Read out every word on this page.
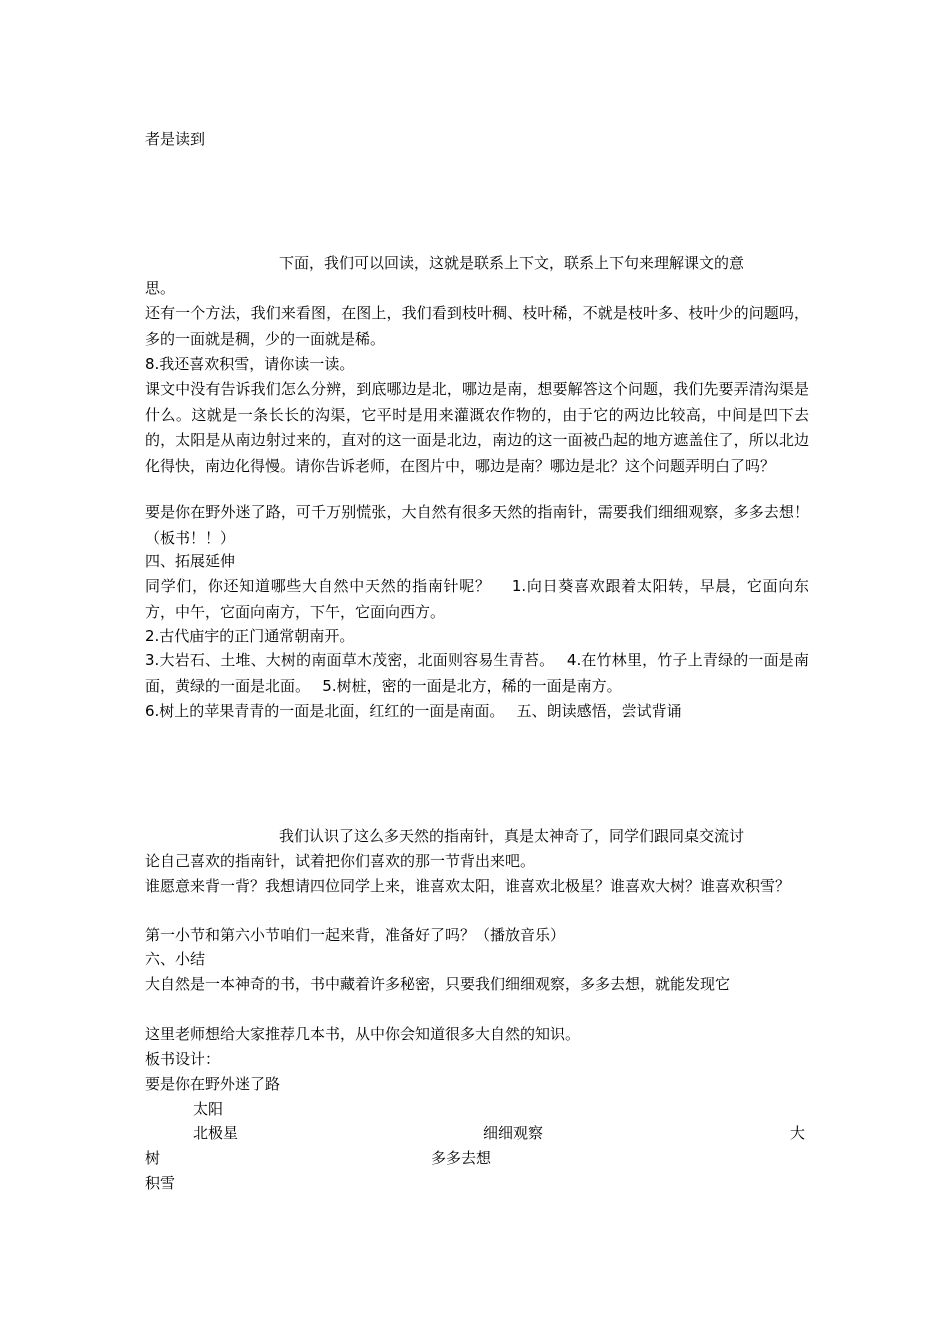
者是读到
下面，我们可以回读，这就是联系上下文，联系上下句来理解课文的意
思。
还有一个方法，我们来看图，在图上，我们看到枝叶稠、枝叶稀，不就是枝叶多、枝叶少的问题吗，多的一面就是稠，少的一面就是稀。
8.我还喜欢积雪，请你读一读。
课文中没有告诉我们怎么分辨，到底哪边是北，哪边是南，想要解答这个问题，我们先要弄清沟渠是什么。这就是一条长长的沟渠，它平时是用来灌溉农作物的，由于它的两边比较高，中间是凹下去的，太阳是从南边射过来的，直对的这一面是北边，南边的这一面被凸起的地方遮盖住了，所以北边化得快，南边化得慢。请你告诉老师，在图片中，哪边是南？哪边是北？这个问题弄明白了吗？
要是你在野外迷了路，可千万别慌张，大自然有很多天然的指南针，需要我们细细观察，多多去想！（板书！！）
四、拓展延伸
同学们，你还知道哪些大自然中天然的指南针呢？　 1.向日葵喜欢跟着太阳转，早晨，它面向东方，中午，它面向南方，下午，它面向西方。
2.古代庙宇的正门通常朝南开。
3.大岩石、土堆、大树的南面草木茂密，北面则容易生青苔。　 4.在竹林里，竹子上青绿的一面是南面，黄绿的一面是北面。　 5.树桩，密的一面是北方，稀的一面是南方。
6.树上的苹果青青的一面是北面，红红的一面是南面。　 五、朗读感悟，尝试背诵
我们认识了这么多天然的指南针，真是太神奇了，同学们跟同桌交流讨
论自己喜欢的指南针，试着把你们喜欢的那一节背出来吧。
谁愿意来背一背？我想请四位同学上来，谁喜欢太阳，谁喜欢北极星？谁喜欢大树？谁喜欢积雪？
第一小节和第六小节咱们一起来背，准备好了吗？（播放音乐）
六、小结
大自然是一本神奇的书，书中藏着许多秘密，只要我们细细观察，多多去想，就能发现它
这里老师想给大家推荐几本书，从中你会知道很多大自然的知识。
板书设计：
要是你在野外迷了路
太阳
北极星	细细观察	大
树	多多去想
积雪
